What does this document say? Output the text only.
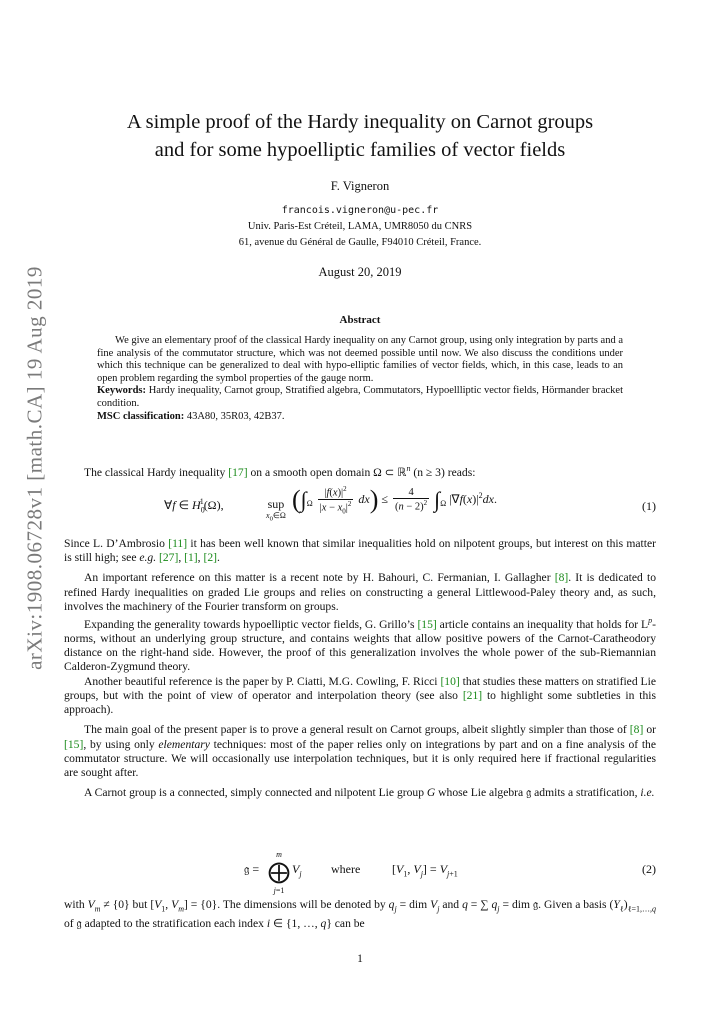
arXiv:1908.06728v1 [math.CA] 19 Aug 2019
A simple proof of the Hardy inequality on Carnot groups
and for some hypoelliptic families of vector fields
F. Vigneron
francois.vigneron@u-pec.fr
Univ. Paris-Est Créteil, LAMA, UMR8050 du CNRS
61, avenue du Général de Gaulle, F94010 Créteil, France.
August 20, 2019
Abstract
We give an elementary proof of the classical Hardy inequality on any Carnot group, using only integration by parts and a fine analysis of the commutator structure, which was not deemed possible until now. We also discuss the conditions under which this technique can be generalized to deal with hypo-elliptic families of vector fields, which, in this case, leads to an open problem regarding the symbol properties of the gauge norm.
Keywords: Hardy inequality, Carnot group, Stratified algebra, Commutators, Hypoellliptic vector fields, Hörmander bracket condition.
MSC classification: 43A80, 35R03, 42B37.

The classical Hardy inequality [17] on a smooth open domain Ω ⊂ ℝ$^n$ (n ≥ 3) reads:

∀f ∈ $H_0^1(\Omega)$,	sup
$x_0\in\Omega$
$(\int_\Omega \frac{|f(x)|^2}{|x - x_0|^2} dx) \le \frac{4}{(n - 2)^2} \int_\Omega$ $|\nabla f(x)|^2dx$.
(1)

Since L. D’Ambrosio [11] it has been well known that similar inequalities hold on nilpotent groups, but interest on this matter is still high; see e.g. [27], [1], [2].

An important reference on this matter is a recent note by H. Bahouri, C. Fermanian, I. Gallagher [8]. It is dedicated to refined Hardy inequalities on graded Lie groups and relies on constructing a general Littlewood-Paley theory and, as such, involves the machinery of the Fourier transform on groups.

Expanding the generality towards hypoelliptic vector fields, G. Grillo’s [15] article contains an inequality that holds for $L^p$-norms, without an underlying group structure, and contains weights that allow positive powers of the Carnot-Caratheodory distance on the right-hand side. However, the proof of this generalization involves the whole power of the sub-Riemannian Calderon-Zygmund theory.

Another beautiful reference is the paper by P. Ciatti, M.G. Cowling, F. Ricci [10] that studies these matters on stratified Lie groups, but with the point of view of operator and interpolation theory (see also [21] to highlight some subtleties in this approach).

The main goal of the present paper is to prove a general result on Carnot groups, albeit slightly simpler than those of [8] or [15], by using only elementary techniques: most of the paper relies only on integrations by part and on a fine analysis of the commutator structure. We will occasionally use interpolation techniques, but it is only required here if fractional regularities are sought after.

A Carnot group is a connected, simply connected and nilpotent Lie group G whose Lie algebra 𝔤 admits a stratification, i.e.

𝔤 =
m
⨁
j=1
$V_j$ where	[$V_1$, $V_j] = V_{j+1}$	(2)

with $V_m \ne \{0\}$ but [$V_1$, $V_m] = \{0\}$. The dimensions will be denoted by $q_j$ = dim $V_j$ and q = ∑ $q_j$ = dim 𝔤. Given a basis $(Y_\ell)_{\ell=1,\dots,q}$ of 𝔤 adapted to the stratification each index i ∈ {1, …, q} can be

1
